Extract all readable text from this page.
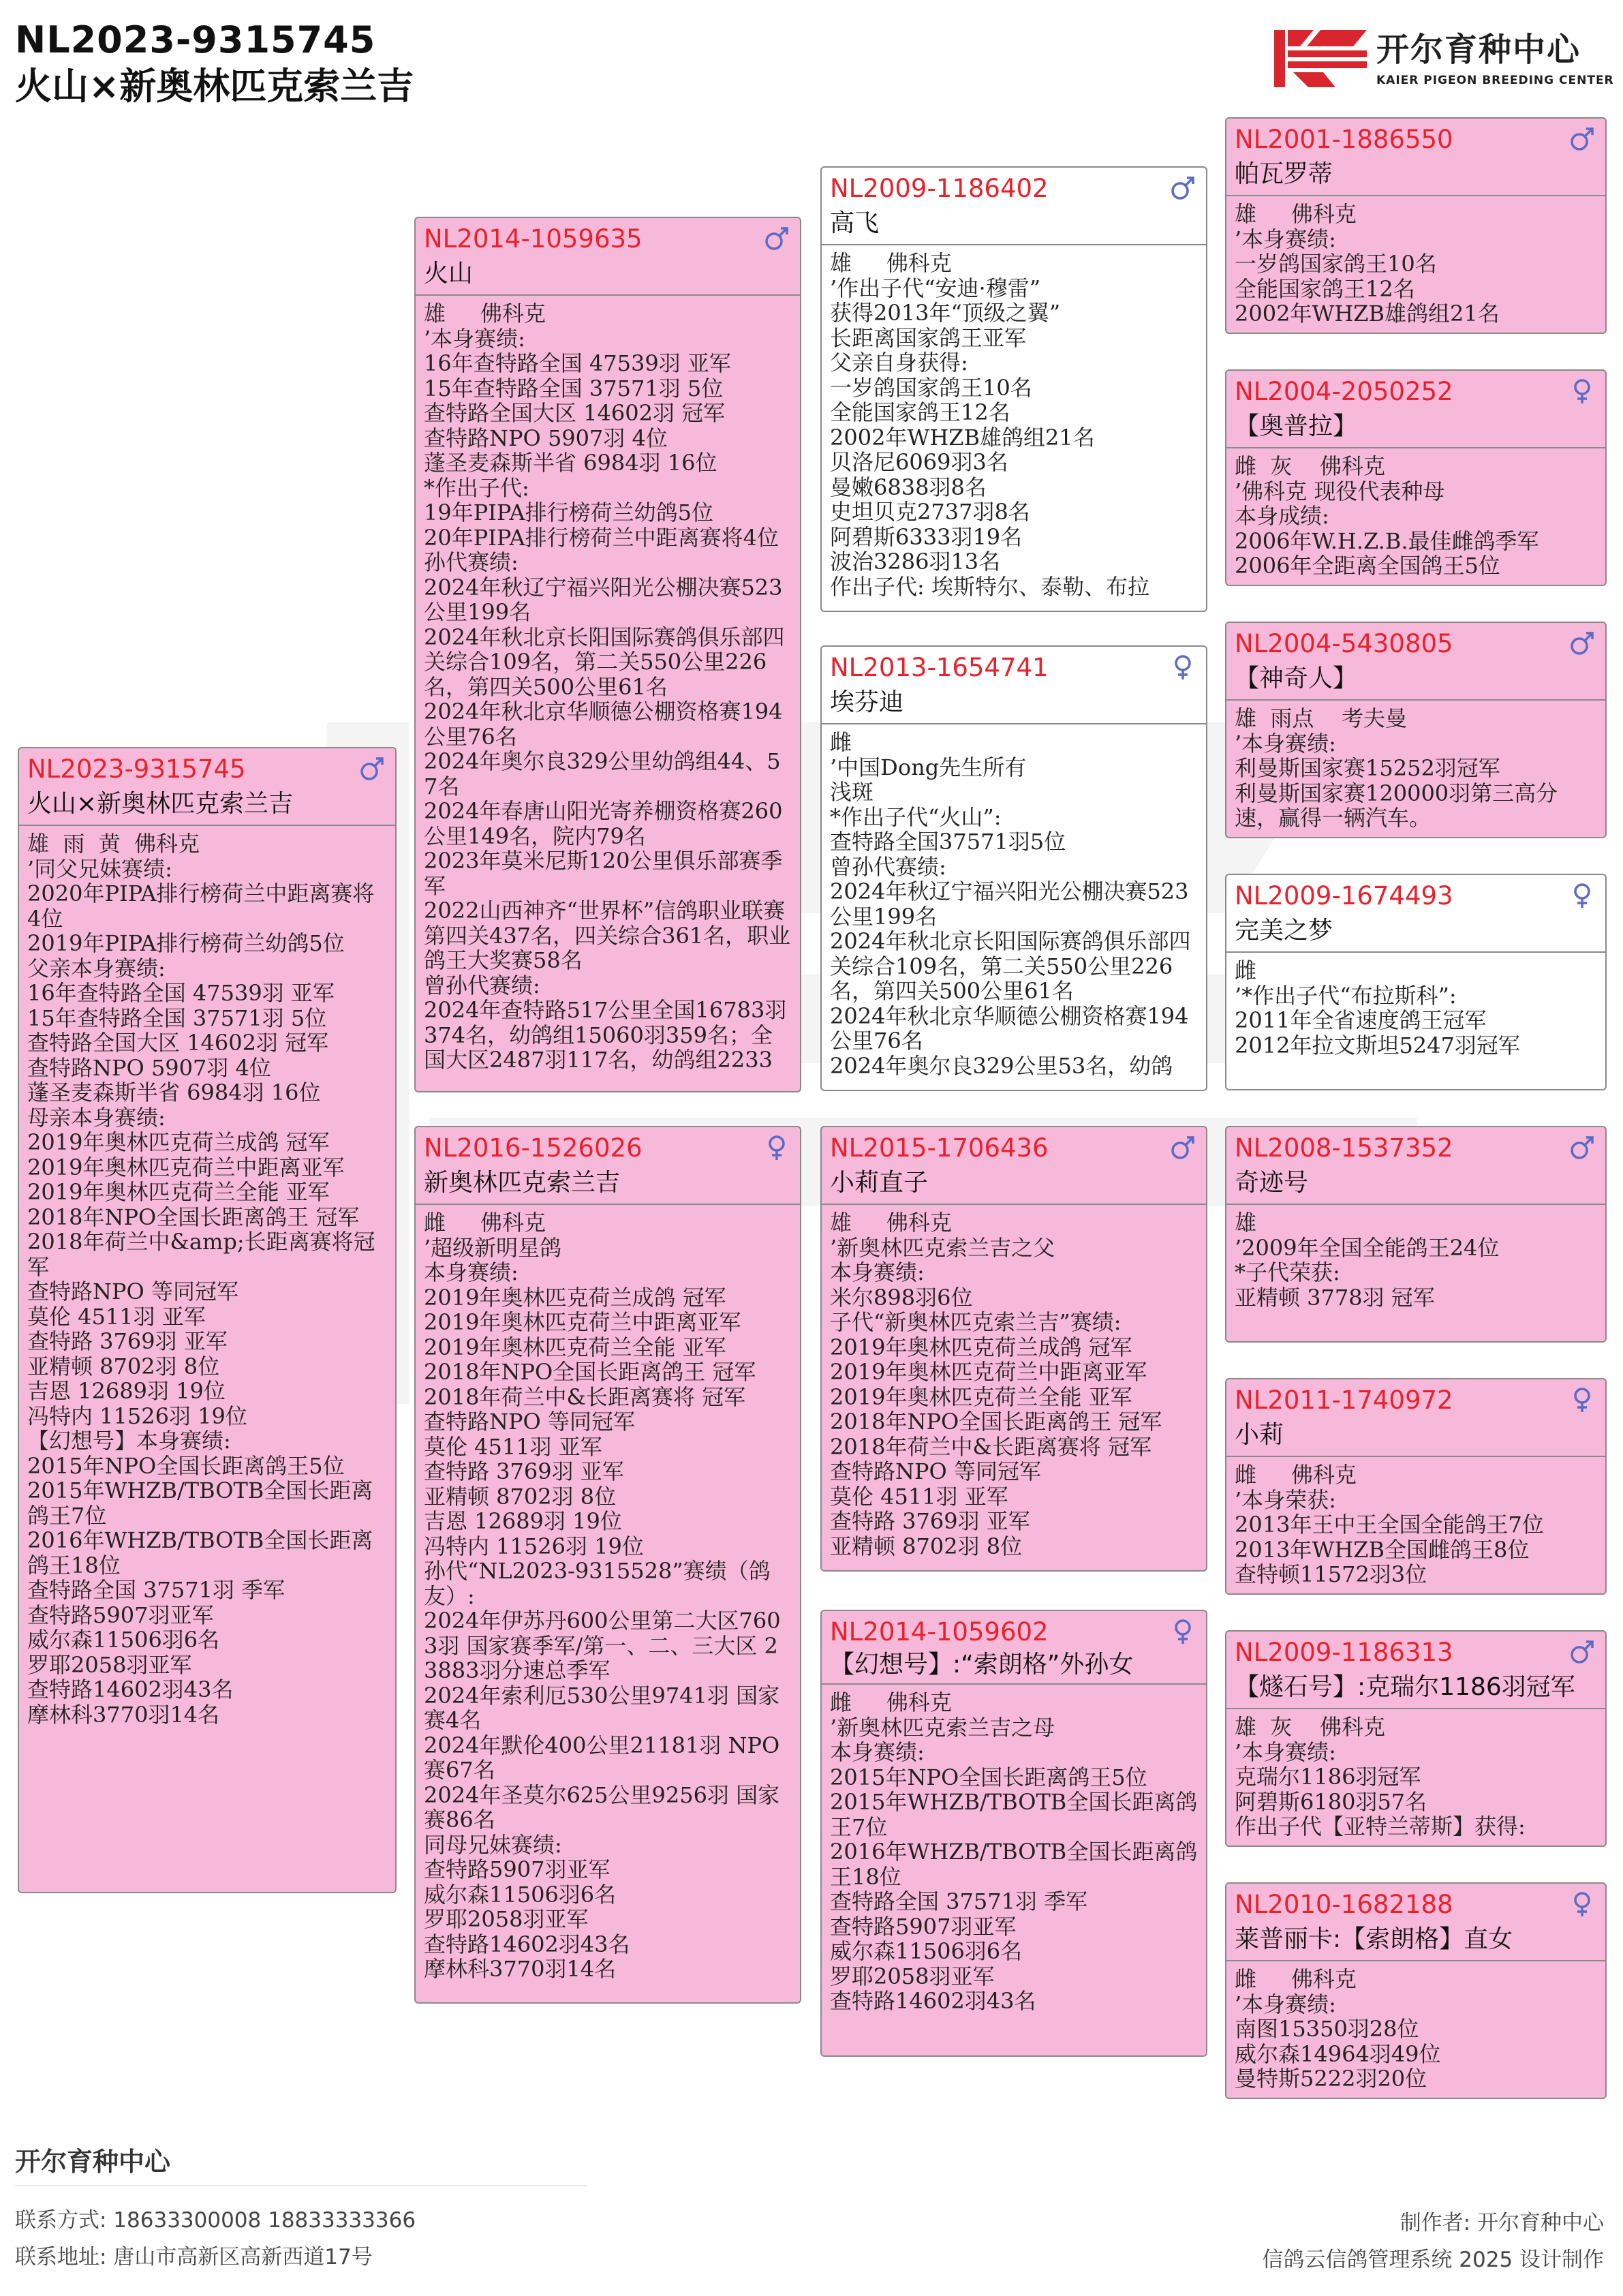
NL2023-9315745
火山×新奥林匹克索兰吉
开尔育种中心
KAIER PIGEON BREEDING CENTER
NL2023-9315745
火山×新奥林匹克索兰吉
雄  雨  黄  佛科克
’同父兄妹赛绩:
2020年PIPA排行榜荷兰中距离赛将4位
2019年PIPA排行榜荷兰幼鸽5位
父亲本身赛绩:
16年查特路全国 47539羽 亚军
15年查特路全国 37571羽 5位
查特路全国大区 14602羽 冠军
查特路NPO 5907羽 4位
蓬圣麦森斯半省 6984羽 16位
母亲本身赛绩:
2019年奥林匹克荷兰成鸽 冠军
2019年奥林匹克荷兰中距离亚军
2019年奥林匹克荷兰全能 亚军
2018年NPO全国长距离鸽王 冠军
2018年荷兰中&amp;长距离赛将冠军
查特路NPO 等同冠军
莫伦 4511羽 亚军
查特路 3769羽 亚军
亚精顿 8702羽 8位
吉恩 12689羽 19位
冯特内 11526羽 19位
【幻想号】本身赛绩:
2015年NPO全国长距离鸽王5位
2015年WHZB/TBOTB全国长距离鸽王7位
2016年WHZB/TBOTB全国长距离鸽王18位
查特路全国 37571羽 季军
查特路5907羽亚军
威尔森11506羽6名
罗耶2058羽亚军
查特路14602羽43名
摩林科3770羽14名
NL2014-1059635
火山
雄     佛科克
’本身赛绩:
16年查特路全国 47539羽 亚军
15年查特路全国 37571羽 5位
查特路全国大区 14602羽 冠军
查特路NPO 5907羽 4位
蓬圣麦森斯半省 6984羽 16位
*作出子代:
19年PIPA排行榜荷兰幼鸽5位
20年PIPA排行榜荷兰中距离赛将4位
孙代赛绩:
2024年秋辽宁福兴阳光公棚决赛523公里199名
2024年秋北京长阳国际赛鸽俱乐部四关综合109名，第二关550公里226名，第四关500公里61名
2024年秋北京华顺德公棚资格赛194公里76名
2024年奥尔良329公里幼鸽组44、57名
2024年春唐山阳光寄养棚资格赛260公里149名，院内79名
2023年莫米尼斯120公里俱乐部赛季军
2022山西神齐“世界杯”信鸽职业联赛第四关437名，四关综合361名，职业鸽王大奖赛58名
曾孙代赛绩:
2024年查特路517公里全国16783羽374名，幼鸽组15060羽359名；全国大区2487羽117名，幼鸽组2233
NL2016-1526026
新奥林匹克索兰吉
雌     佛科克
’超级新明星鸽
本身赛绩:
2019年奥林匹克荷兰成鸽 冠军
2019年奥林匹克荷兰中距离亚军
2019年奥林匹克荷兰全能 亚军
2018年NPO全国长距离鸽王 冠军
2018年荷兰中&长距离赛将 冠军
查特路NPO 等同冠军
莫伦 4511羽 亚军
查特路 3769羽 亚军
亚精顿 8702羽 8位
吉恩 12689羽 19位
冯特内 11526羽 19位
孙代“NL2023-9315528”赛绩（鸽友）:
2024年伊苏丹600公里第二大区7603羽 国家赛季军/第一、二、三大区 23883羽分速总季军
2024年索利厄530公里9741羽 国家赛4名
2024年默伦400公里21181羽 NPO赛67名
2024年圣莫尔625公里9256羽 国家赛86名
同母兄妹赛绩:
查特路5907羽亚军
威尔森11506羽6名
罗耶2058羽亚军
查特路14602羽43名
摩林科3770羽14名
NL2009-1186402
高飞
雄     佛科克
’作出子代“安迪·穆雷”
获得2013年“顶级之翼”
长距离国家鸽王亚军
父亲自身获得:
一岁鸽国家鸽王10名
全能国家鸽王12名
2002年WHZB雄鸽组21名
贝洛尼6069羽3名
曼嫩6838羽8名
史坦贝克2737羽8名
阿碧斯6333羽19名
波治3286羽13名
作出子代: 埃斯特尔、泰勒、布拉
NL2013-1654741
埃芬迪
雌
’中国Dong先生所有
浅斑
*作出子代“火山”:
查特路全国37571羽5位
曾孙代赛绩:
2024年秋辽宁福兴阳光公棚决赛523公里199名
2024年秋北京长阳国际赛鸽俱乐部四关综合109名，第二关550公里226名，第四关500公里61名
2024年秋北京华顺德公棚资格赛194公里76名
2024年奥尔良329公里53名，幼鸽
NL2015-1706436
小莉直子
雄     佛科克
’新奥林匹克索兰吉之父
本身赛绩:
米尔898羽6位
子代“新奥林匹克索兰吉”赛绩:
2019年奥林匹克荷兰成鸽 冠军
2019年奥林匹克荷兰中距离亚军
2019年奥林匹克荷兰全能 亚军
2018年NPO全国长距离鸽王 冠军
2018年荷兰中&长距离赛将 冠军
查特路NPO 等同冠军
莫伦 4511羽 亚军
查特路 3769羽 亚军
亚精顿 8702羽 8位
NL2014-1059602
【幻想号】:“索朗格”外孙女
雌     佛科克
’新奥林匹克索兰吉之母
本身赛绩:
2015年NPO全国长距离鸽王5位
2015年WHZB/TBOTB全国长距离鸽王7位
2016年WHZB/TBOTB全国长距离鸽王18位
查特路全国 37571羽 季军
查特路5907羽亚军
威尔森11506羽6名
罗耶2058羽亚军
查特路14602羽43名
NL2001-1886550
帕瓦罗蒂
雄     佛科克
’本身赛绩:
一岁鸽国家鸽王10名
全能国家鸽王12名
2002年WHZB雄鸽组21名
NL2004-2050252
【奥普拉】
雌  灰    佛科克
’佛科克 现役代表种母
本身成绩:
2006年W.H.Z.B.最佳雌鸽季军
2006年全距离全国鸽王5位
NL2004-5430805
【神奇人】
雄  雨点    考夫曼
’本身赛绩:
利曼斯国家赛15252羽冠军
利曼斯国家赛120000羽第三高分速，赢得一辆汽车。
NL2009-1674493
完美之梦
雌
’*作出子代“布拉斯科”:
2011年全省速度鸽王冠军
2012年拉文斯坦5247羽冠军
NL2008-1537352
奇迹号
雄
’2009年全国全能鸽王24位
*子代荣获:
亚精顿 3778羽 冠军
NL2011-1740972
小莉
雌     佛科克
’本身荣获:
2013年王中王全国全能鸽王7位
2013年WHZB全国雌鸽王8位
查特顿11572羽3位
NL2009-1186313
【燧石号】:克瑞尔1186羽冠军
雄  灰    佛科克
’本身赛绩:
克瑞尔1186羽冠军
阿碧斯6180羽57名
作出子代【亚特兰蒂斯】获得:
NL2010-1682188
莱普丽卡:【索朗格】直女
雌     佛科克
’本身赛绩:
南图15350羽28位
威尔森14964羽49位
曼特斯5222羽20位
开尔育种中心
联系方式: 18633300008 18833333366
联系地址: 唐山市高新区高新西道17号
制作者: 开尔育种中心
信鸽云信鸽管理系统 2025 设计制作
